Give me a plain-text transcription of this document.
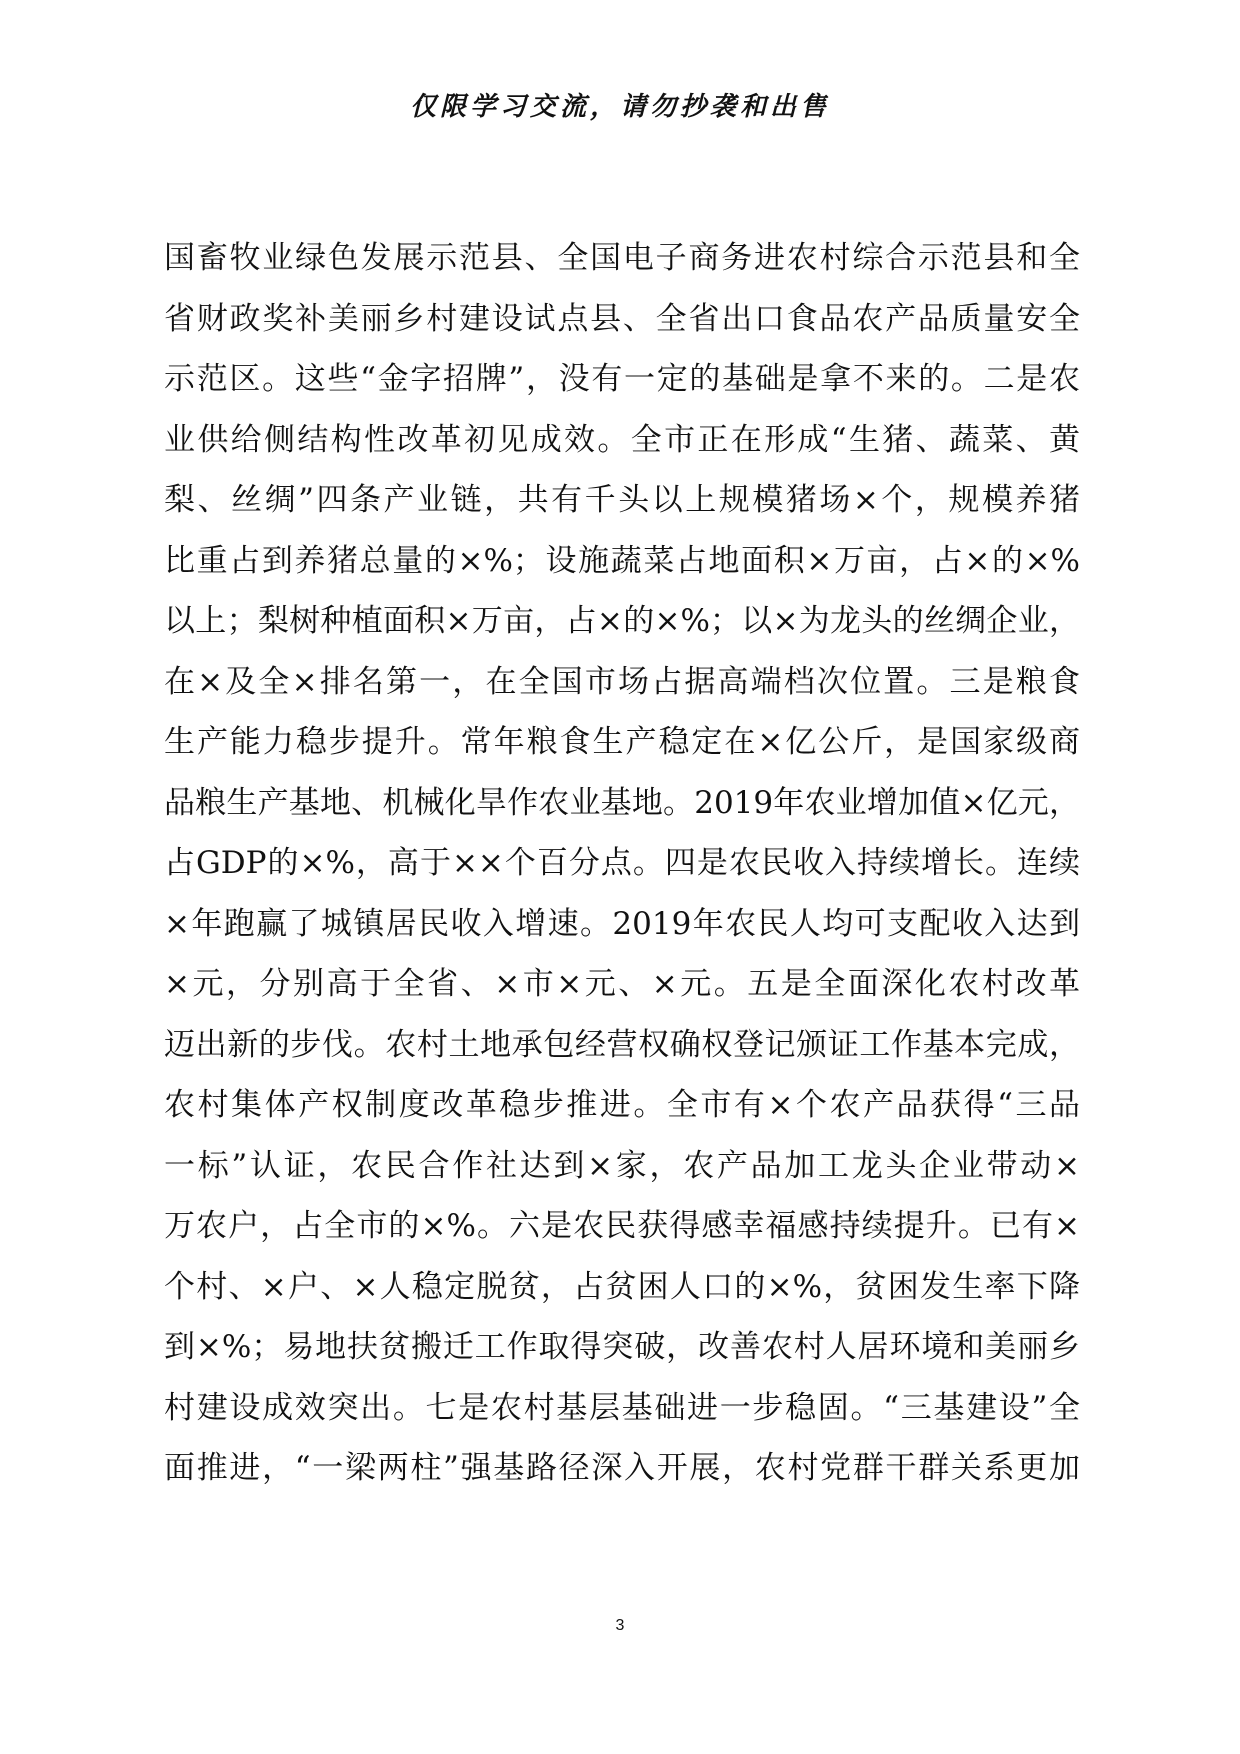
仅限学习交流，请勿抄袭和出售
国畜牧业绿色发展示范县、全国电子商务进农村综合示范县和全
省财政奖补美丽乡村建设试点县、全省出口食品农产品质量安全
示范区。这些“金字招牌”，没有一定的基础是拿不来的。二是农
业供给侧结构性改革初见成效。全市正在形成“生猪、蔬菜、黄
梨、丝绸”四条产业链，共有千头以上规模猪场×个，规模养猪
比重占到养猪总量的×%；设施蔬菜占地面积×万亩，占×的×%
以上；梨树种植面积×万亩，占×的×%；以×为龙头的丝绸企业，
在×及全×排名第一，在全国市场占据高端档次位置。三是粮食
生产能力稳步提升。常年粮食生产稳定在×亿公斤，是国家级商
品粮生产基地、机械化旱作农业基地。2019年农业增加值×亿元，
占GDP的×%，高于××个百分点。四是农民收入持续增长。连续
×年跑赢了城镇居民收入增速。2019年农民人均可支配收入达到
×元，分别高于全省、×市×元、×元。五是全面深化农村改革
迈出新的步伐。农村土地承包经营权确权登记颁证工作基本完成，
农村集体产权制度改革稳步推进。全市有×个农产品获得“三品
一标”认证，农民合作社达到×家，农产品加工龙头企业带动×
万农户，占全市的×%。六是农民获得感幸福感持续提升。已有×
个村、×户、×人稳定脱贫，占贫困人口的×%，贫困发生率下降
到×%；易地扶贫搬迁工作取得突破，改善农村人居环境和美丽乡
村建设成效突出。七是农村基层基础进一步稳固。“三基建设”全
面推进，“一梁两柱”强基路径深入开展，农村党群干群关系更加
3
